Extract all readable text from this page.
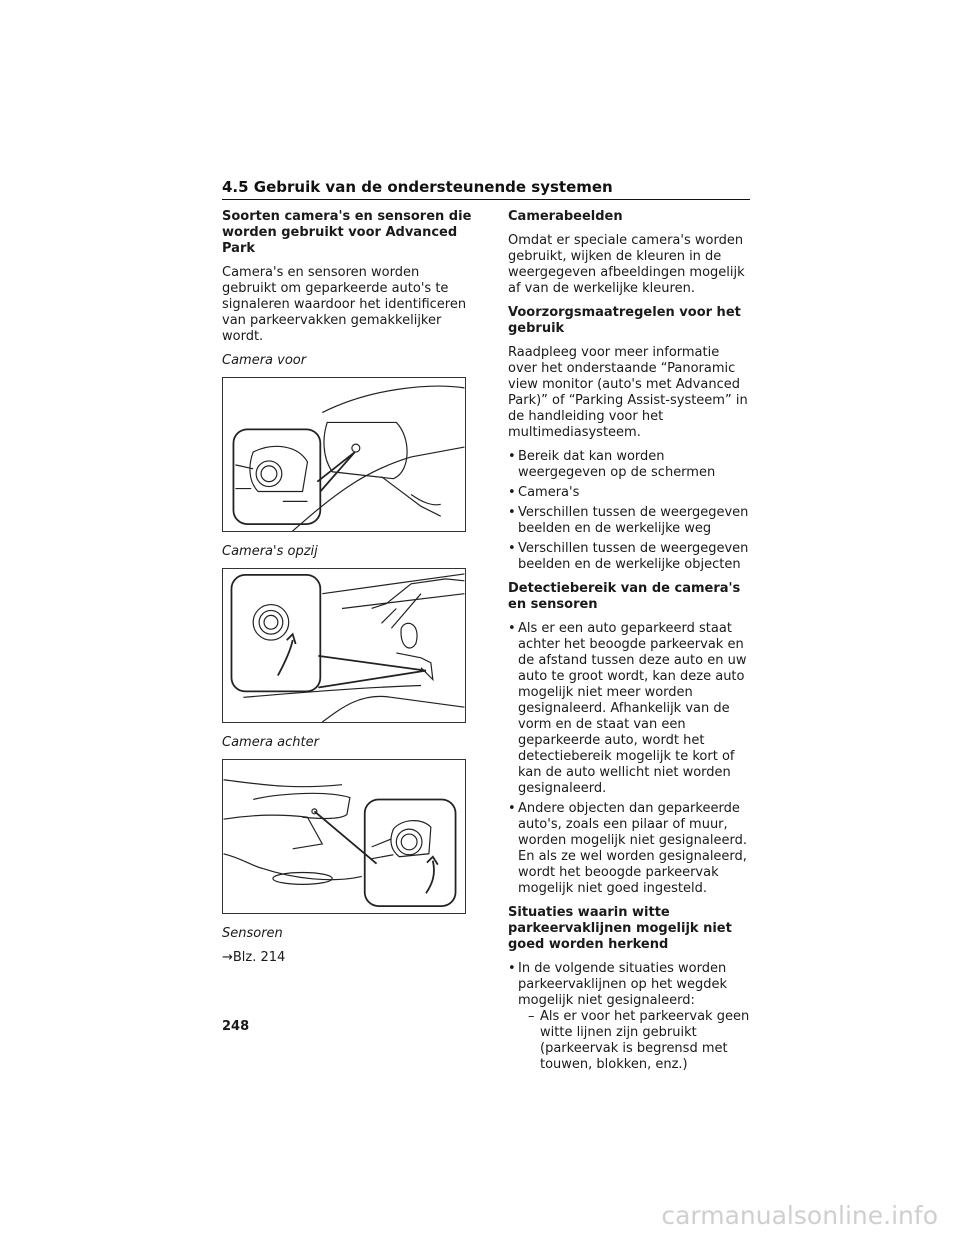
4.5 Gebruik van de ondersteunende systemen
Soorten camera's en sensoren die worden gebruikt voor Advanced Park
Camera's en sensoren worden gebruikt om geparkeerde auto's te signaleren waardoor het identificeren van parkeervakken gemakkelijker wordt.
Camera voor
Camera's opzij
Camera achter
Sensoren
→Blz. 214
Camerabeelden
Omdat er speciale camera's worden gebruikt, wijken de kleuren in de weergegeven afbeeldingen mogelijk af van de werkelijke kleuren.
Voorzorgsmaatregelen voor het gebruik
Raadpleeg voor meer informatie over het onderstaande “Panoramic view monitor (auto's met Advanced Park)” of “Parking Assist-systeem” in de handleiding voor het multimediasysteem.
• Bereik dat kan worden weergegeven op de schermen
• Camera's
• Verschillen tussen de weergegeven beelden en de werkelijke weg
• Verschillen tussen de weergegeven beelden en de werkelijke objecten
Detectiebereik van de camera's en sensoren
• Als er een auto geparkeerd staat achter het beoogde parkeervak en de afstand tussen deze auto en uw auto te groot wordt, kan deze auto mogelijk niet meer worden gesignaleerd. Afhankelijk van de vorm en de staat van een geparkeerde auto, wordt het detectiebereik mogelijk te kort of kan de auto wellicht niet worden gesignaleerd.
• Andere objecten dan geparkeerde auto's, zoals een pilaar of muur, worden mogelijk niet gesignaleerd. En als ze wel worden gesignaleerd, wordt het beoogde parkeervak mogelijk niet goed ingesteld.
Situaties waarin witte parkeervaklijnen mogelijk niet goed worden herkend
• In de volgende situaties worden parkeervaklijnen op het wegdek mogelijk niet gesignaleerd:
– Als er voor het parkeervak geen witte lijnen zijn gebruikt (parkeervak is begrensd met touwen, blokken, enz.)
248
carmanualsonline.info
